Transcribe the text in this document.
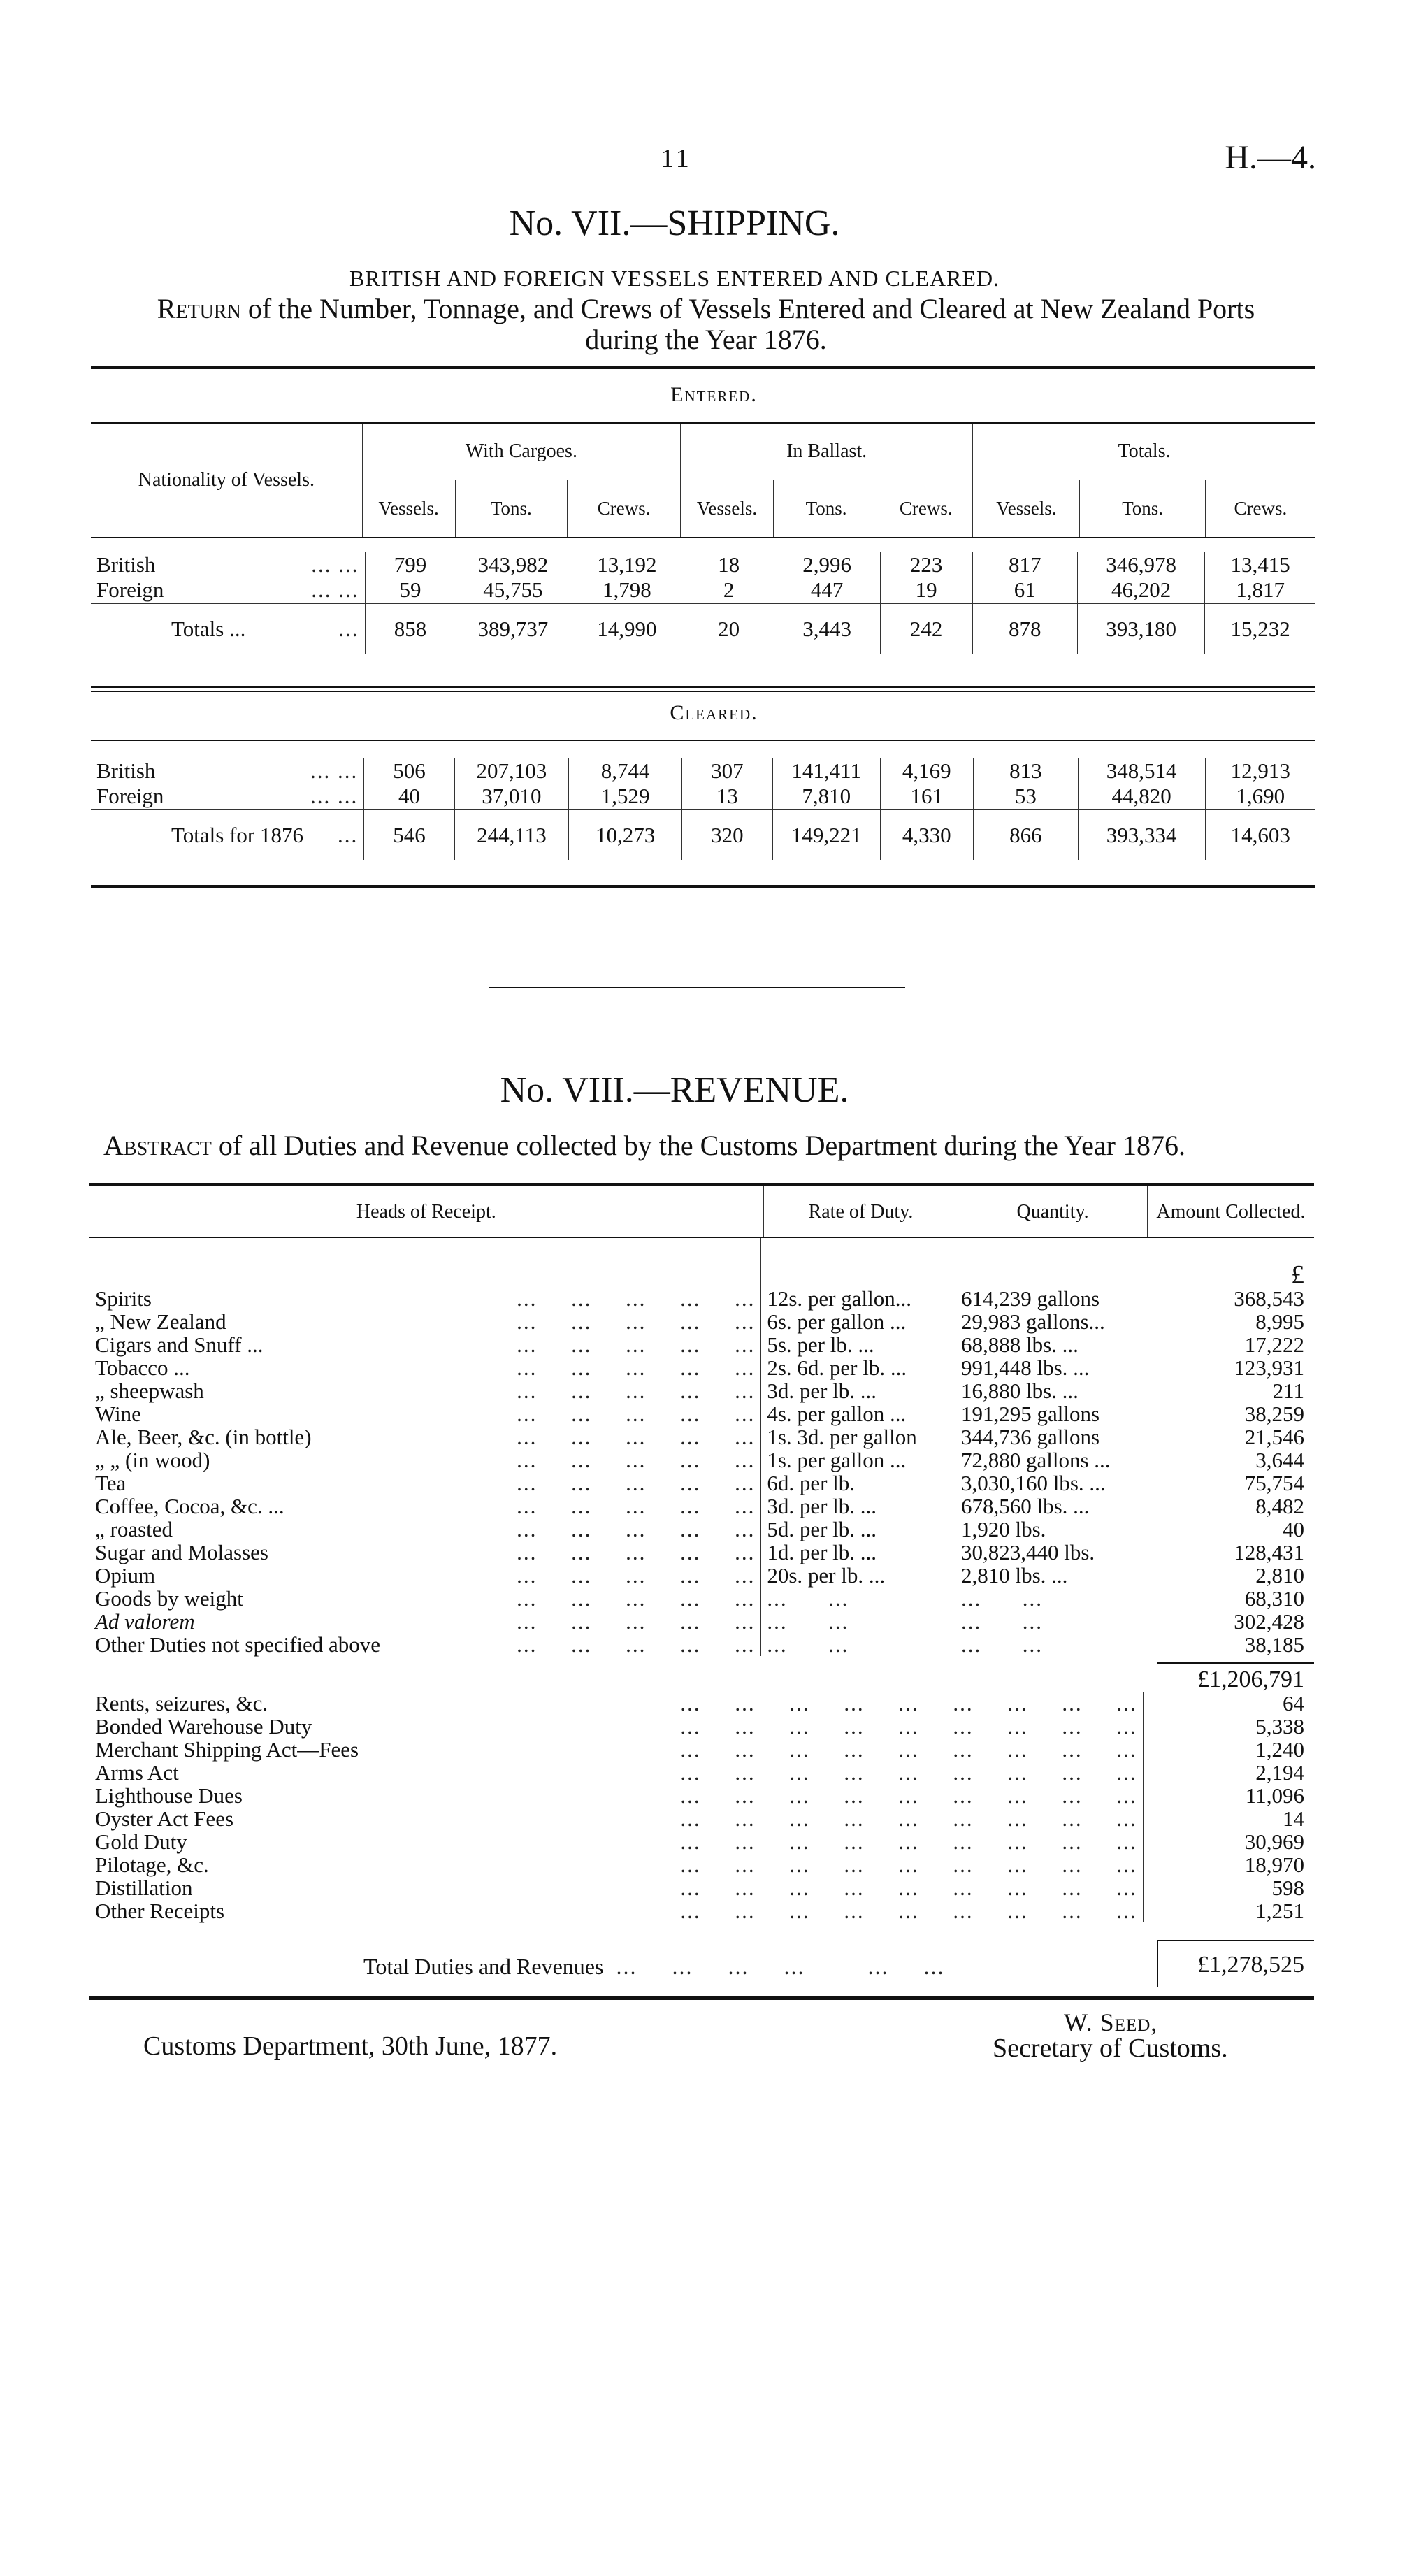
11	H.—4.
No. VII.—SHIPPING.
BRITISH AND FOREIGN VESSELS ENTERED AND CLEARED.
Return of the Number, Tonnage, and Crews of Vessels Entered and Cleared at New Zealand Ports during the Year 1876.
Entered.
Nationality of Vessels.	With Cargoes.			In Ballast.			Totals.		
	Vessels.	Tons.	Crews.	Vessels.	Tons.	Crews.	Vessels.	Tons.	Crews.
British ... ...	799	343,982	13,192	18	2,996	223	817	346,978	13,415
Foreign ... ...	59	45,755	1,798	2	447	19	61	46,202	1,817
Totals ... ...	858	389,737	14,990	20	3,443	242	878	393,180	15,232
Cleared.
British ... ...	506	207,103	8,744	307	141,411	4,169	813	348,514	12,913
Foreign ... ...	40	37,010	1,529	13	7,810	161	53	44,820	1,690
Totals for 1876 ...	546	244,113	10,273	320	149,221	4,330	866	393,334	14,603
No. VIII.—REVENUE.
Abstract of all Duties and Revenue collected by the Customs Department during the Year 1876.
Heads of Receipt.	Rate of Duty.	Quantity.	Amount Collected.
			£
Spirits ...     ...     ...     ...     ...	12s. per gallon...	614,239 gallons	368,543
„ New Zealand ...     ...     ...     ...     ...	6s. per gallon ...	29,983 gallons...	8,995
Cigars and Snuff ... ...     ...     ...     ...     ...	5s. per lb. ...	68,888 lbs. ...	17,222
Tobacco ... ...     ...     ...     ...     ...	2s. 6d. per lb. ...	991,448 lbs. ...	123,931
„ sheepwash ...     ...     ...     ...     ...	3d. per lb. ...	16,880 lbs. ...	211
Wine ...     ...     ...     ...     ...	4s. per gallon ...	191,295 gallons	38,259
Ale, Beer, &c. (in bottle) ...     ...     ...     ...     ...	1s. 3d. per gallon	344,736 gallons	21,546
„ „ (in wood) ...     ...     ...     ...     ...	1s. per gallon ...	72,880 gallons ...	3,644
Tea ...     ...     ...     ...     ...	6d. per lb.	3,030,160 lbs. ...	75,754
Coffee, Cocoa, &c. ... ...     ...     ...     ...     ...	3d. per lb. ...	678,560 lbs. ...	8,482
„ roasted ...     ...     ...     ...     ...	5d. per lb. ...	1,920 lbs.	40
Sugar and Molasses ...     ...     ...     ...     ...	1d. per lb. ...	30,823,440 lbs.	128,431
Opium ...     ...     ...     ...     ...	20s. per lb. ...	2,810 lbs. ...	2,810
Goods by weight ...     ...     ...     ...     ...	...      ...	...      ...	68,310
Ad valorem ...     ...     ...     ...     ...	...      ...	...      ...	302,428
Other Duties not specified above ...     ...     ...     ...     ...	...      ...	...      ...	38,185
£1,206,791
Rents, seizures, &c. ...     ...     ...     ...     ...     ...     ...     ...     ...	64
Bonded Warehouse Duty ...     ...     ...     ...     ...     ...     ...     ...     ...	5,338
Merchant Shipping Act—Fees ...     ...     ...     ...     ...     ...     ...     ...     ...	1,240
Arms Act ...     ...     ...     ...     ...     ...     ...     ...     ...	2,194
Lighthouse Dues ...     ...     ...     ...     ...     ...     ...     ...     ...	11,096
Oyster Act Fees ...     ...     ...     ...     ...     ...     ...     ...     ...	14
Gold Duty ...     ...     ...     ...     ...     ...     ...     ...     ...	30,969
Pilotage, &c. ...     ...     ...     ...     ...     ...     ...     ...     ...	18,970
Distillation ...     ...     ...     ...     ...     ...     ...     ...     ...	598
Other Receipts ...     ...     ...     ...     ...     ...     ...     ...     ...	1,251
Total Duties and Revenues  ...     ...     ...     ...         ...     ...	£1,278,525
Customs Department, 30th June, 1877.
W. Seed,
Secretary of Customs.
